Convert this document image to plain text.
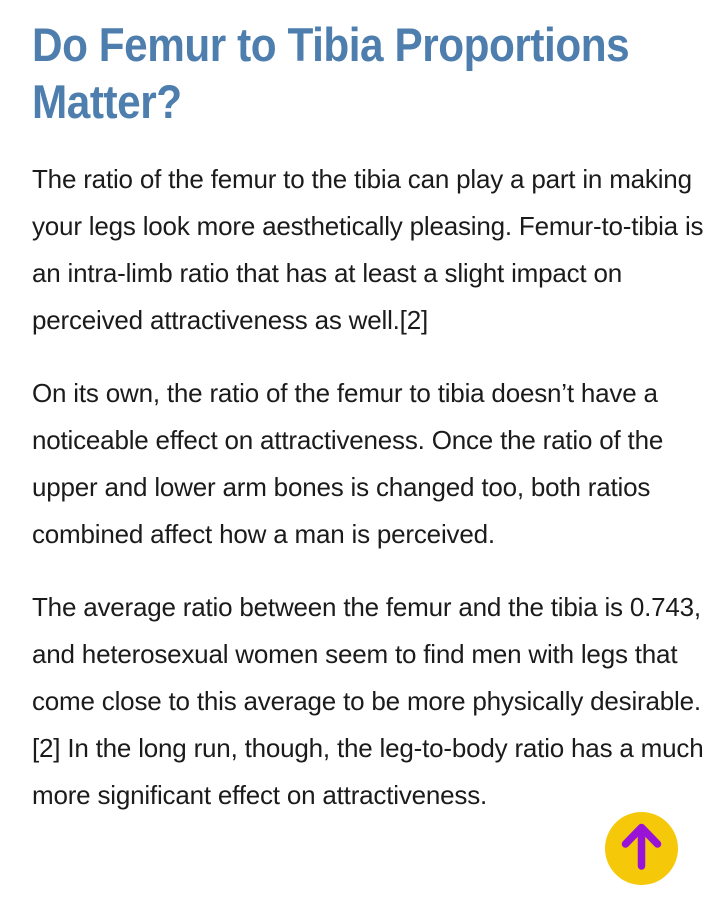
Do Femur to Tibia Proportions Matter?

The ratio of the femur to the tibia can play a part in making your legs look more aesthetically pleasing. Femur-to-tibia is an intra-limb ratio that has at least a slight impact on perceived attractiveness as well.[2]

On its own, the ratio of the femur to tibia doesn’t have a noticeable effect on attractiveness. Once the ratio of the upper and lower arm bones is changed too, both ratios combined affect how a man is perceived.

The average ratio between the femur and the tibia is 0.743, and heterosexual women seem to find men with legs that come close to this average to be more physically desirable.[2] In the long run, though, the leg-to-body ratio has a much more significant effect on attractiveness.
